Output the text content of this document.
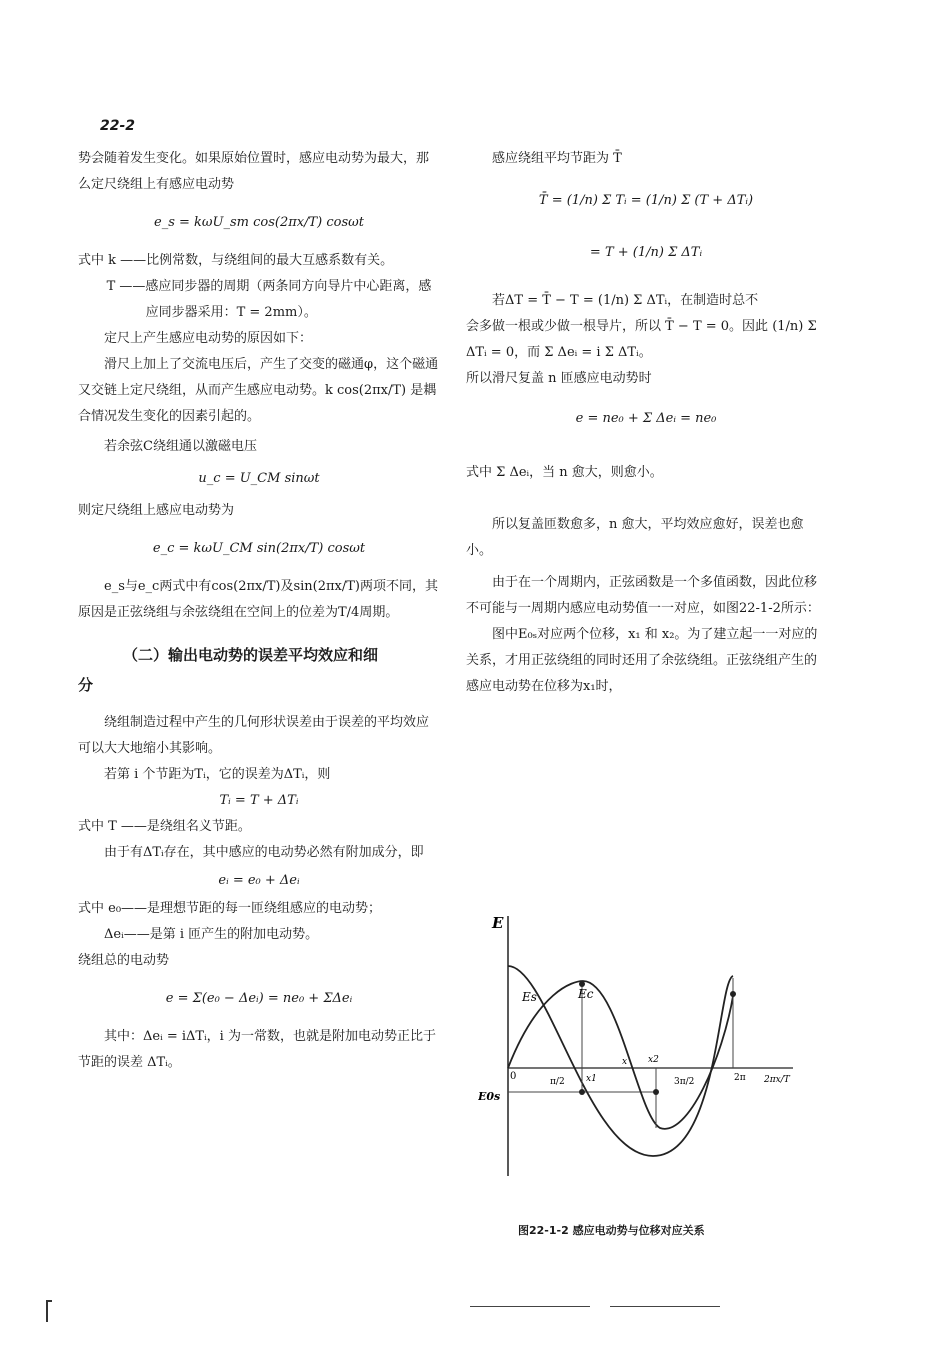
22-2

势会随着发生变化。如果原始位置时，感应电动势为最大，那么定尺绕组上有感应电动势

e_s = kωU_sm cos(2πx/T) cosωt

式中 k ——比例常数，与绕组间的最大互感系数有关。

T ——感应同步器的周期（两条同方向导片中心距离，感应同步器采用：T = 2mm）。

定尺上产生感应电动势的原因如下：

滑尺上加上了交流电压后，产生了交变的磁通φ，这个磁通又交链上定尺绕组，从而产生感应电动势。k cos(2πx/T) 是耦合情况发生变化的因素引起的。

若余弦C绕组通以激磁电压

u_c = U_CM sinωt

则定尺绕组上感应电动势为

e_c = kωU_CM sin(2πx/T) cosωt

e_s与e_c两式中有cos(2πx/T)及sin(2πx/T)两项不同，其原因是正弦绕组与余弦绕组在空间上的位差为T/4周期。

（二）输出电动势的误差平均效应和细
分

绕组制造过程中产生的几何形状误差由于误差的平均效应可以大大地缩小其影响。

若第 i 个节距为Tᵢ，它的误差为ΔTᵢ，则

Tᵢ = T + ΔTᵢ

式中 T ——是绕组名义节距。

由于有ΔTᵢ存在，其中感应的电动势必然有附加成分，即

eᵢ = e₀ + Δeᵢ

式中 e₀——是理想节距的每一匝绕组感应的电动势；

Δeᵢ——是第 i 匝产生的附加电动势。

绕组总的电动势

e = Σ(e₀ − Δeᵢ) = ne₀ + ΣΔeᵢ

其中：Δeᵢ = iΔTᵢ，i 为一常数，也就是附加电动势正比于节距的误差 ΔTᵢ。

感应绕组平均节距为 T̄

T̄ = (1/n) Σ Tᵢ = (1/n) Σ (T + ΔTᵢ)

= T + (1/n) Σ ΔTᵢ

若ΔT = T̄ − T = (1/n) Σ ΔTᵢ，在制造时总不

会多做一根或少做一根导片，所以 T̄ − T = 0。因此 (1/n) Σ ΔTᵢ = 0，而 Σ Δeᵢ = i Σ ΔTᵢ。

所以滑尺复盖 n 匝感应电动势时

e = ne₀ + Σ Δeᵢ = ne₀

式中 Σ Δeᵢ，当 n 愈大，则愈小。

所以复盖匝数愈多，n 愈大，平均效应愈好，误差也愈小。

由于在一个周期内，正弦函数是一个多值函数，因此位移不可能与一周期内感应电动势值一一对应，如图22-1-2所示：

图中E₀ₛ对应两个位移，x₁ 和 x₂。为了建立起一一对应的关系，才用正弦绕组的同时还用了余弦绕组。正弦绕组产生的感应电动势在位移为x₁时，

E
Es	Ec
E0s
0	π/2 x1
x x2
3π/2	2π 2πx/T
图22-1-2 感应电动势与位移对应关系
